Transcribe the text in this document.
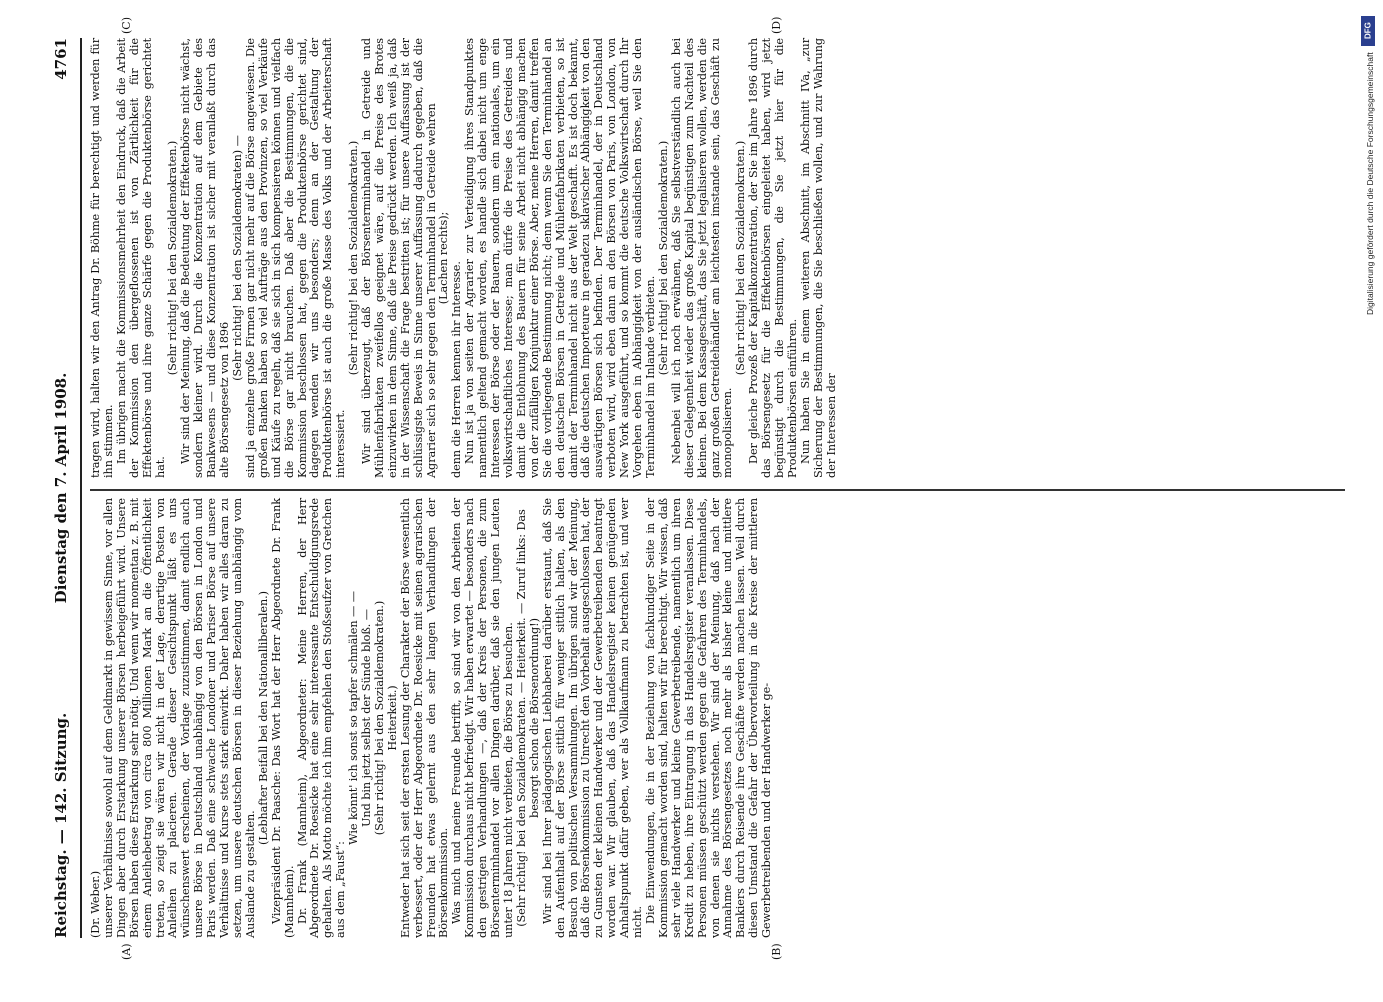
Reichstag. — 142. Sitzung.
Dienstag den 7. April 1908.
4761
(A)	(B)
(C)	(D)

(Dr. Weber.) unserer Verhältnisse sowohl auf dem Geldmarkt in gewissem Sinne, vor allen Dingen aber durch Erstarkung unserer Börsen herbeigeführt wird. Unsere Börsen haben diese Erstarkung sehr nötig. Und wenn wir momentan z. B. mit einem Anleihebetrag von circa 800 Millionen Mark an die Öffentlichkeit treten, so zeigt sie wären wir nicht in der Lage, derartige Posten von Anleihen zu placieren. Gerade dieser Gesichtspunkt läßt es uns wünschenswert erscheinen, der Vorlage zuzustimmen, damit endlich auch unsere Börse in Deutschland unabhängig von den Börsen in London und Paris werden. Daß eine schwache Londoner und Pariser Börse auf unsere Verhältnisse und Kurse stets stark einwirkt. Daher haben wir alles daran zu setzen, um unsere deutschen Börsen in dieser Beziehung unabhängig vom Auslande zu gestalten.

(Lebhafter Beifall bei den Nationalliberalen.) Vizepräsident Dr. Paasche: Das Wort hat der Herr Abgeordnete Dr. Frank (Mannheim). Dr. Frank (Mannheim), Abgeordneter: Meine Herren, der Herr Abgeordnete Dr. Roesicke hat eine sehr interessante Entschuldigungsrede gehalten. Als Motto möchte ich ihm empfehlen den Stoßseufzer von Gretchen aus dem „Faust“:

Wie könnt' ich sonst so tapfer schmälen — — Und bin jetzt selbst der Sünde bloß. — (Sehr richtig! bei den Sozialdemokraten.) Heiterkeit.) Entweder hat sich seit der ersten Lesung der Charakter der Börse wesentlich verbessert, oder der Herr Abgeordnete Dr. Roesicke mit seinen agrarischen Freunden hat etwas gelernt aus den sehr langen Verhandlungen der Börsenkommission. Was mich und meine Freunde betrifft, so sind wir von den Arbeiten der Kommission durchaus nicht befriedigt. Wir haben erwartet — besonders nach den gestrigen Verhandlungen —, daß der Kreis der Personen, die zum Börsenterminhandel vor allen Dingen darüber, daß sie den jungen Leuten unter 18 Jahren nicht verbieten, die Börse zu besuchen. (Sehr richtig! bei den Sozialdemokraten. — Heiterkeit. — Zuruf links: Das besorgt schon die Börsenordnung!) Wir sind bei Ihrer pädagogischen Liebhaberei darüber erstaunt, daß Sie den Aufenthalt auf der Börse sittlich für weniger sittlich halten, als den Besuch von politischen Versammlungen. Im übrigen sind wir der Meinung, daß die Börsenkommission zu Unrecht den Vorbehalt ausgeschlossen hat, der zu Gunsten der kleinen Handwerker und der Gewerbetreibenden beantragt worden war. Wir glauben, daß das Handelsregister keinen genügenden Anhaltspunkt dafür geben, wer als Vollkaufmann zu betrachten ist, und wer nicht. Die Einwendungen, die in der Beziehung von fachkundiger Seite in der Kommission gemacht worden sind, halten wir für berechtigt. Wir wissen, daß sehr viele Handwerker und kleine Gewerbetreibende, namentlich um ihren Kredit zu heben, ihre Eintragung in das Handelsregister veranlassen. Diese Personen müssen geschützt werden gegen die Gefahren des Terminhandels, von denen sie nichts verstehen. Wir sind der Meinung, daß nach der Annahme des Börsengesetzes noch mehr als bisher kleine und mittlere Bankiers durch Reisende ihre Geschäfte werden machen lassen. Weil durch diesen Umstand die Gefahr der Übervorteilung in die Kreise der mittleren Gewerbetreibenden und der Handwerker ge-

tragen wird, halten wir den Antrag Dr. Böhme für berechtigt und werden für ihn stimmen. Im übrigen macht die Kommissionsmehrheit den Eindruck, daß die Arbeit der Kommission den übergeflossenen ist von Zärtlichkeit für die Effektenbörse und ihre ganze Schärfe gegen die Produktenbörse gerichtet hat.

(Sehr richtig! bei den Sozialdemokraten.) Wir sind der Meinung, daß die Bedeutung der Effektenbörse nicht wächst, sondern kleiner wird. Durch die Konzentration auf dem Gebiete des Bankwesens — und diese Konzentration ist sicher mit veranlaßt durch das alte Börsengesetz von 1896

(Sehr richtig! bei den Sozialdemokraten) — sind ja einzelne große Firmen gar nicht mehr auf die Börse angewiesen. Die großen Banken haben so viel Aufträge aus den Provinzen, so viel Verkäufe und Käufe zu regeln, daß sie sich in sich kompensieren können und vielfach die Börse gar nicht brauchen. Daß aber die Bestimmungen, die die Kommission beschlossen hat, gegen die Produktenbörse gerichtet sind, dagegen wenden wir uns besonders; denn an der Gestaltung der Produktenbörse ist auch die große Masse des Volks und der Arbeiterschaft interessiert.

(Sehr richtig! bei den Sozialdemokraten.) Wir sind überzeugt, daß der Börsenterminhandel in Getreide und Mühlenfabrikaten zweifellos geeignet wäre, auf die Preise des Brotes einzuwirken in dem Sinne, daß die Preise gedrückt werden. Ich weiß ja, daß in der Wissenschaft die Frage bestritten ist; für unsere Auffassung ist der schlüssigste Beweis in Sinne unserer Auffassung dadurch gegeben, daß die Agrarier sich so sehr gegen den Terminhandel in Getreide wehren (Lachen rechts);

denn die Herren kennen ihr Interesse. Nun ist ja von seiten der Agrarier zur Verteidigung ihres Standpunktes namentlich geltend gemacht worden, es handle sich dabei nicht um enge Interessen der Börse oder der Bauern, sondern um ein nationales, um ein volkswirtschaftliches Interesse; man dürfe die Preise des Getreides und damit die Entlohnung des Bauern für seine Arbeit nicht abhängig machen von der zufälligen Konjunktur einer Börse. Aber, meine Herren, damit treffen Sie die vorliegende Bestimmung nicht; denn wenn Sie den Terminhandel an den deutschen Börsen in Getreide und Mühlenfabrikaten verbieten, so ist damit der Terminhandel nicht aus der Welt geschafft. Es ist doch bekannt, daß die deutschen Importeure in geradezu sklavischer Abhängigkeit von den auswärtigen Börsen sich befinden. Der Terminhandel, der in Deutschland verboten wird, wird eben dann an den Börsen von Paris, von London, von New York ausgeführt, und so kommt die deutsche Volkswirtschaft durch Ihr Vorgehen eben in Abhängigkeit von der ausländischen Börse, weil Sie den Terminhandel im Inlande verbieten.

(Sehr richtig! bei den Sozialdemokraten.) Nebenbei will ich noch erwähnen, daß Sie selbstverständlich auch bei dieser Gelegenheit wieder das große Kapital begünstigen zum Nachteil des kleinen. Bei dem Kassageschäft, das Sie jetzt legalisieren wollen, werden die ganz großen Getreidehändler am leichtesten imstande sein, das Geschäft zu monopolisieren.

(Sehr richtig! bei den Sozialdemokraten.) Der gleiche Prozeß der Kapitalkonzentration, der Sie im Jahre 1896 durch das Börsengesetz für die Effektenbörsen eingeleitet haben, wird jetzt begünstigt durch die Bestimmungen, die Sie jetzt hier für die Produktenbörsen einführen. Nun haben Sie in einem weiteren Abschnitt, im Abschnitt IVa, „zur Sicherung der Bestimmungen, die Sie beschließen wollen, und zur Wahrung der Interessen der

DFG
Digitalisierung gefördert durch die Deutsche Forschungsgemeinschaft
